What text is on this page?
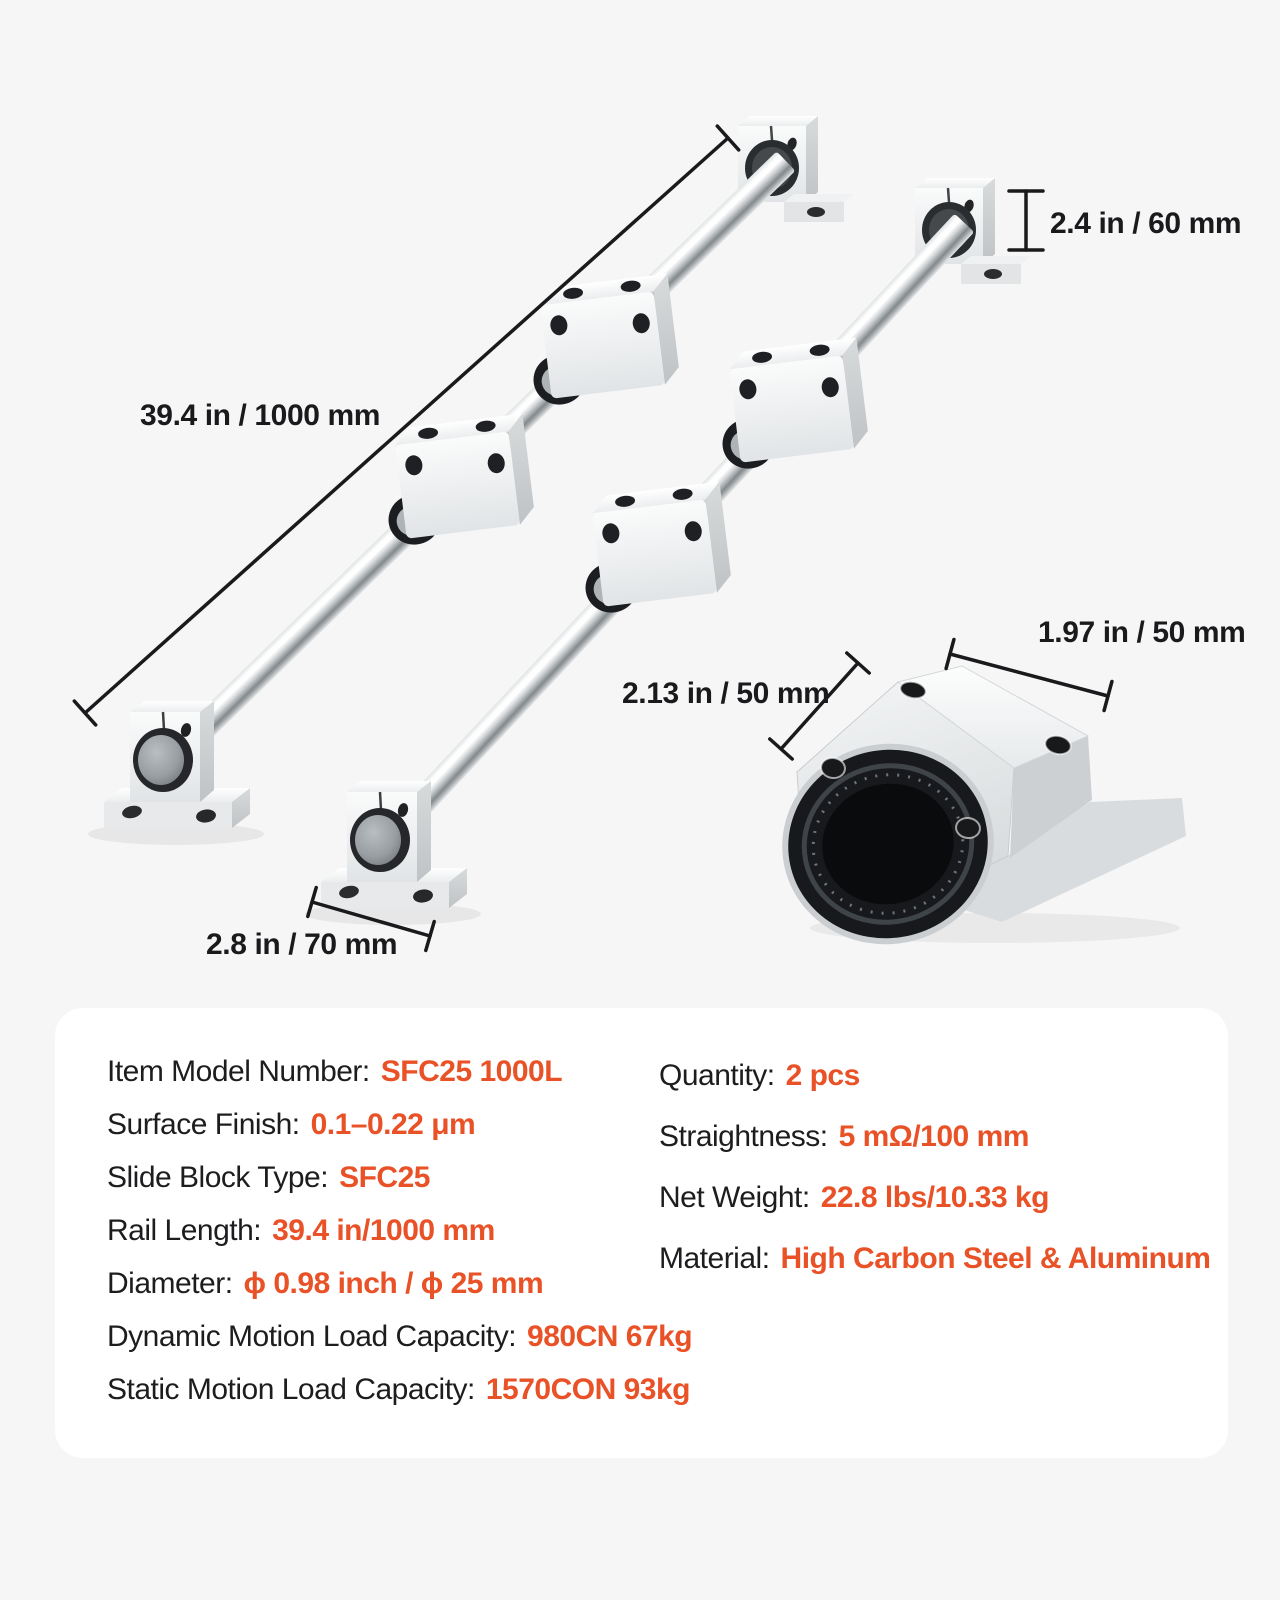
39.4 in / 1000 mm
2.4 in / 60 mm
1.97 in / 50 mm
2.13 in / 50 mm
2.8 in / 70 mm
Item Model Number: SFC25 1000L
Surface Finish: 0.1–0.22 μm
Slide Block Type: SFC25
Rail Length: 39.4 in/1000 mm
Diameter: ϕ 0.98 inch / ϕ 25 mm
Dynamic Motion Load Capacity: 980CN 67kg
Static Motion Load Capacity: 1570CON 93kg
Quantity: 2 pcs
Straightness: 5 mΩ/100 mm
Net Weight: 22.8 lbs/10.33 kg
Material: High Carbon Steel & Aluminum
